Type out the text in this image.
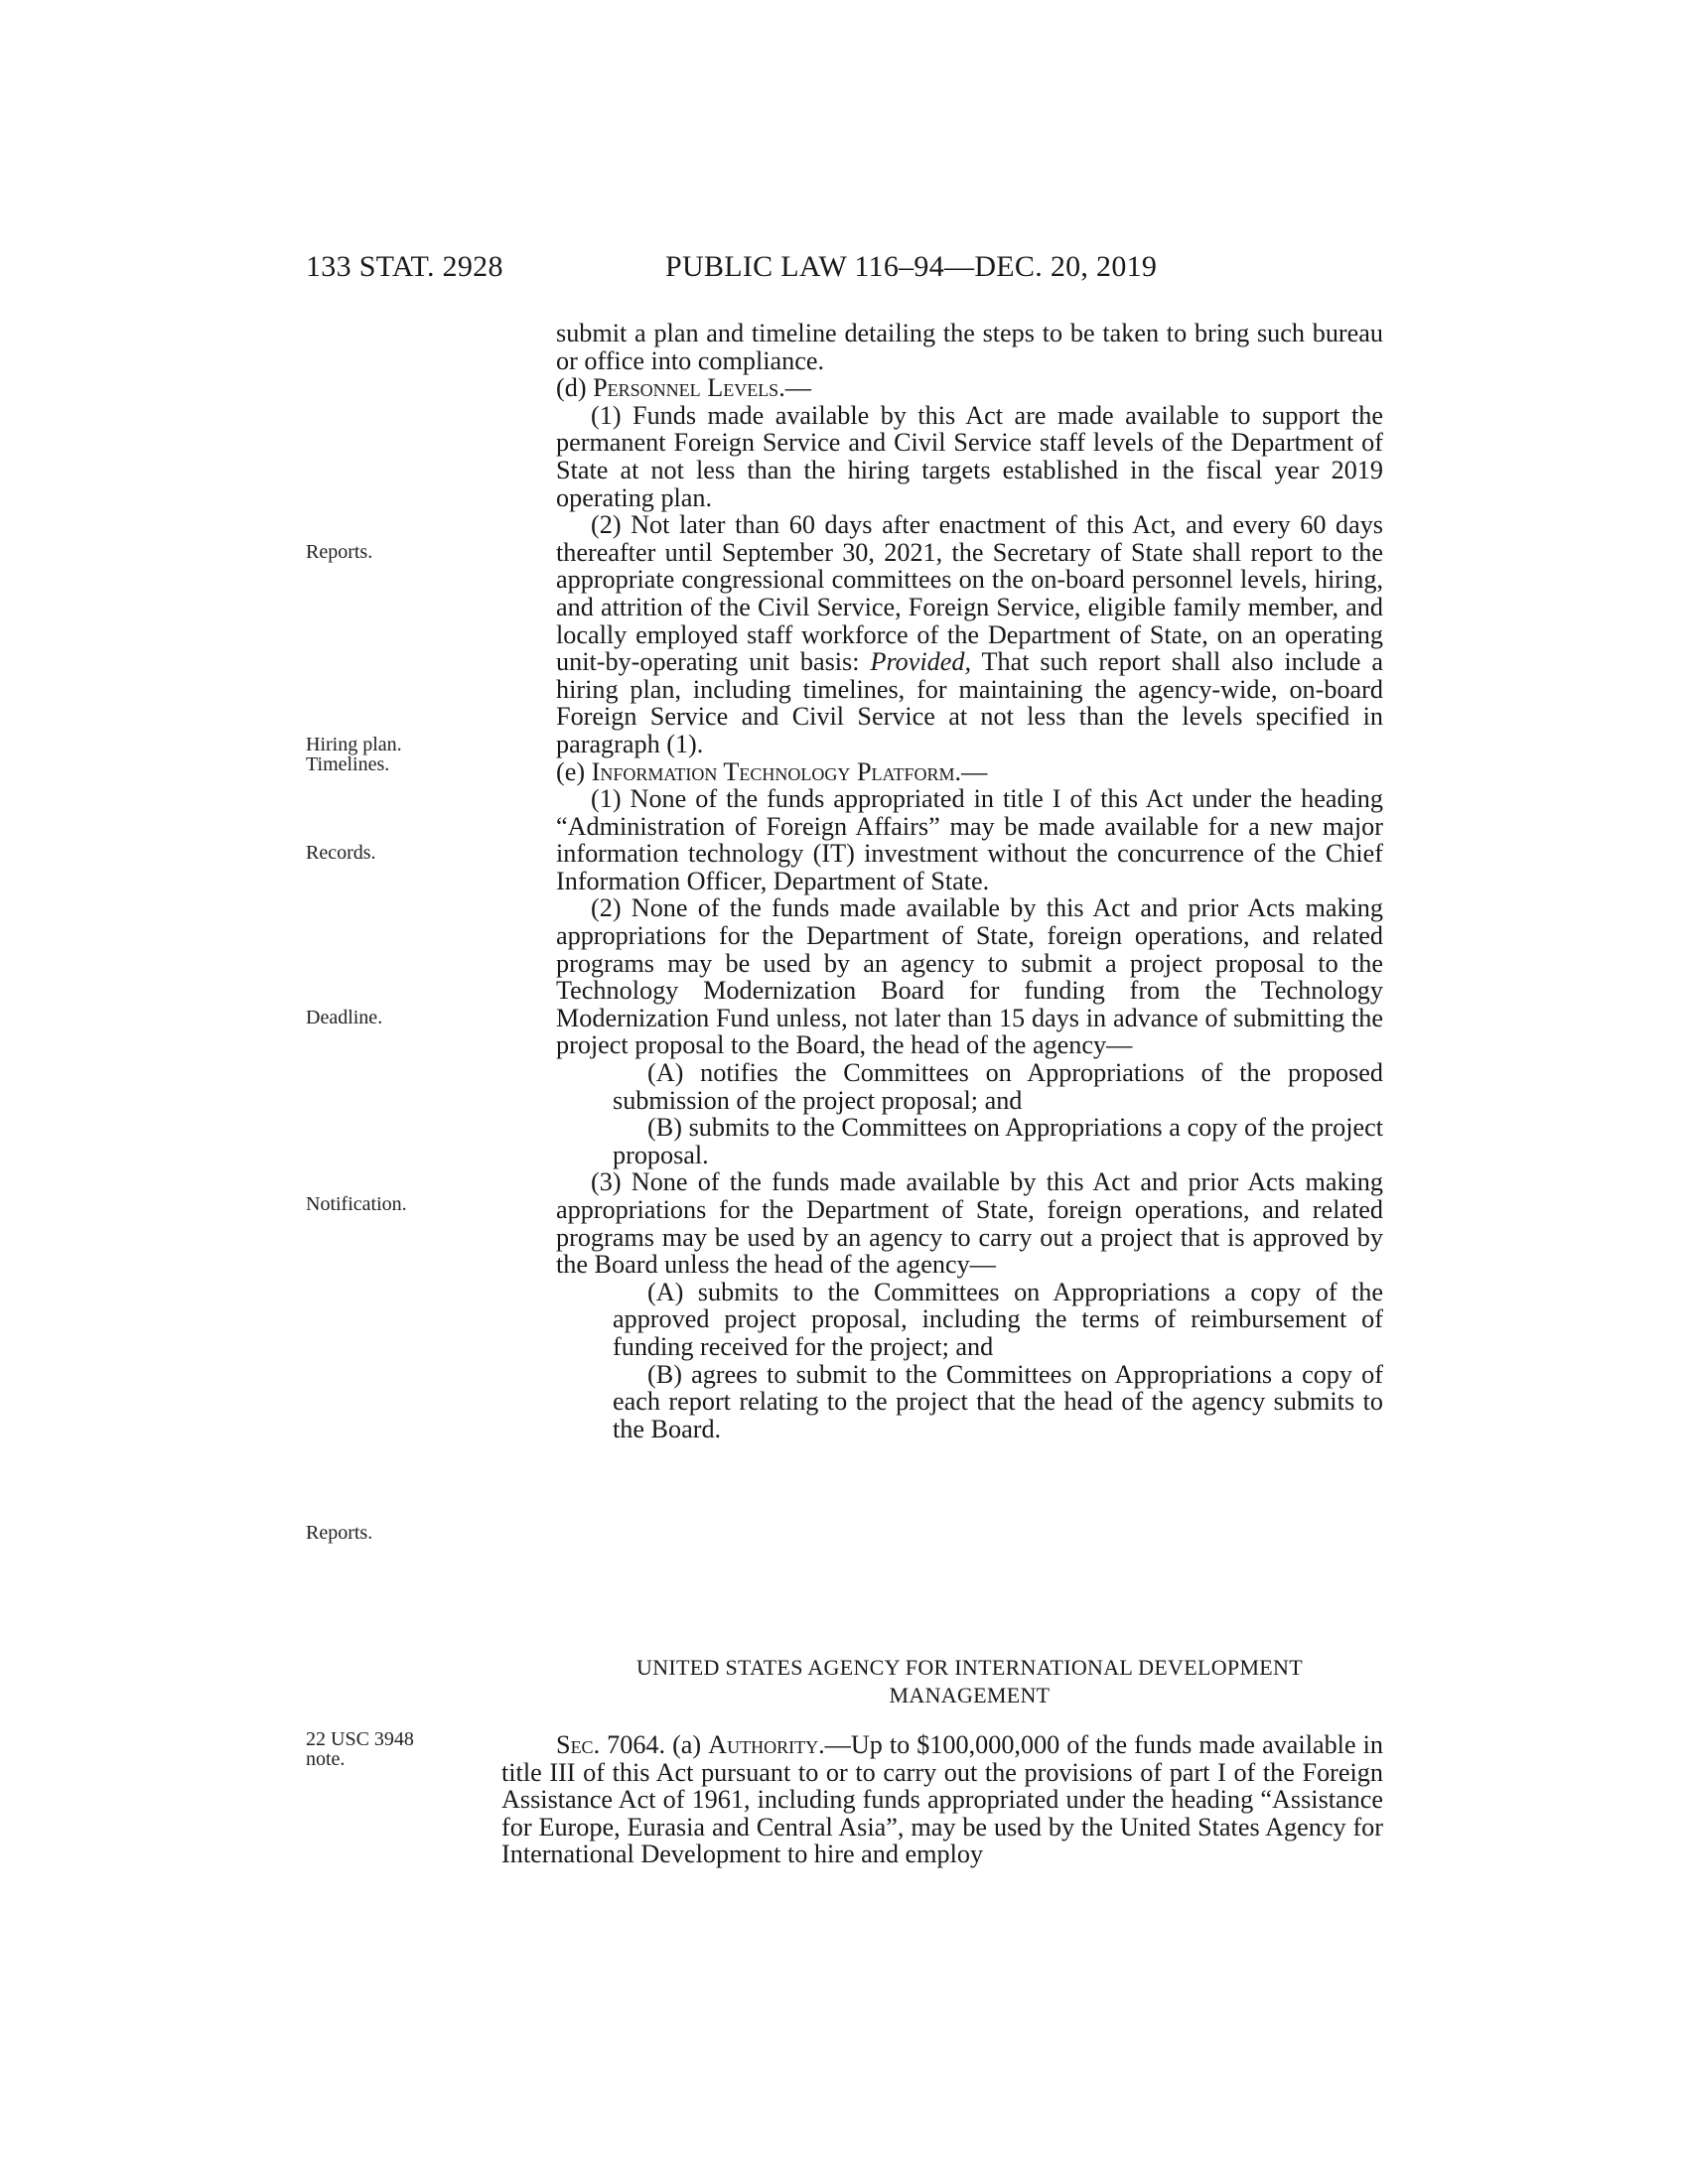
133 STAT. 2928	PUBLIC LAW 116–94—DEC. 20, 2019
Reports.
Hiring plan.
Timelines.
Records.
Deadline.
Notification.
Reports.
22 USC 3948
note.

submit a plan and timeline detailing the steps to be taken to bring such bureau or office into compliance.

(d) Personnel Levels.—

(1) Funds made available by this Act are made available to support the permanent Foreign Service and Civil Service staff levels of the Department of State at not less than the hiring targets established in the fiscal year 2019 operating plan.

(2) Not later than 60 days after enactment of this Act, and every 60 days thereafter until September 30, 2021, the Secretary of State shall report to the appropriate congressional committees on the on-board personnel levels, hiring, and attrition of the Civil Service, Foreign Service, eligible family member, and locally employed staff workforce of the Department of State, on an operating unit-by-operating unit basis: Provided, That such report shall also include a hiring plan, including timelines, for maintaining the agency-wide, on-board Foreign Service and Civil Service at not less than the levels specified in paragraph (1).

(e) Information Technology Platform.—

(1) None of the funds appropriated in title I of this Act under the heading “Administration of Foreign Affairs” may be made available for a new major information technology (IT) investment without the concurrence of the Chief Information Officer, Department of State.

(2) None of the funds made available by this Act and prior Acts making appropriations for the Department of State, foreign operations, and related programs may be used by an agency to submit a project proposal to the Technology Modernization Board for funding from the Technology Modernization Fund unless, not later than 15 days in advance of submitting the project proposal to the Board, the head of the agency—

(A) notifies the Committees on Appropriations of the proposed submission of the project proposal; and

(B) submits to the Committees on Appropriations a copy of the project proposal.

(3) None of the funds made available by this Act and prior Acts making appropriations for the Department of State, foreign operations, and related programs may be used by an agency to carry out a project that is approved by the Board unless the head of the agency—

(A) submits to the Committees on Appropriations a copy of the approved project proposal, including the terms of reimbursement of funding received for the project; and

(B) agrees to submit to the Committees on Appropriations a copy of each report relating to the project that the head of the agency submits to the Board.

UNITED STATES AGENCY FOR INTERNATIONAL DEVELOPMENT
MANAGEMENT

Sec. 7064. (a) Authority.—Up to $100,000,000 of the funds made available in title III of this Act pursuant to or to carry out the provisions of part I of the Foreign Assistance Act of 1961, including funds appropriated under the heading “Assistance for Europe, Eurasia and Central Asia”, may be used by the United States Agency for International Development to hire and employ
